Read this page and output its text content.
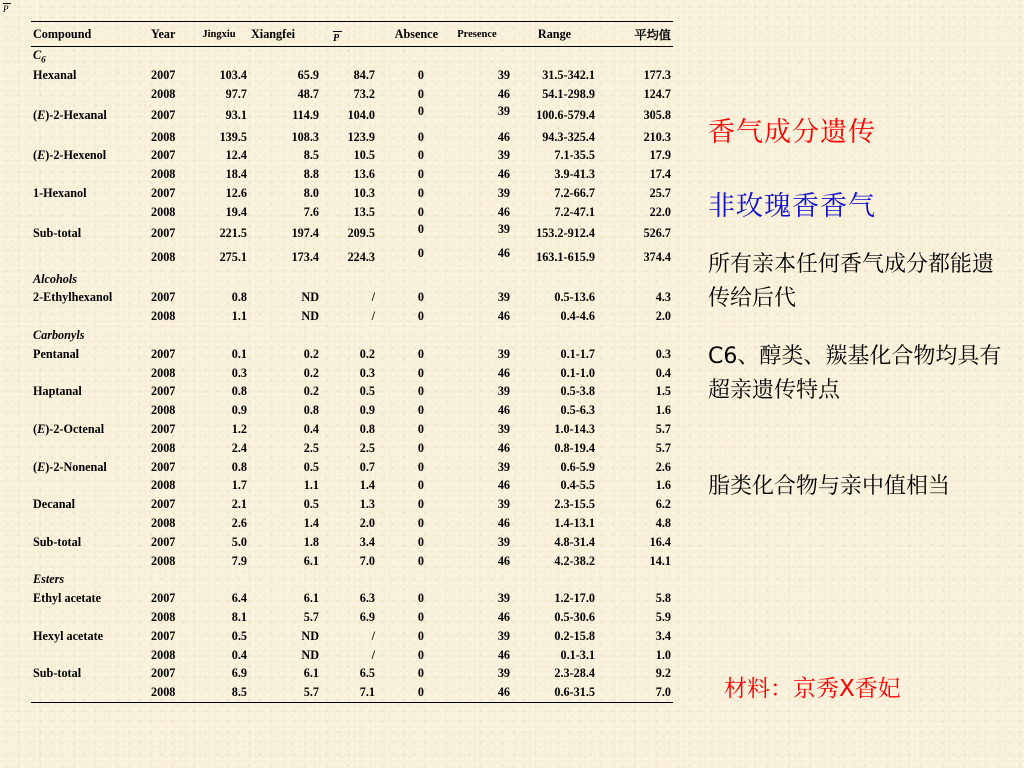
P
Compound	Year	Jingxiu	Xiangfei	P	Absence	Presence	Range	平均值
$C_6$
Hexanal	2007	103.4	65.9	84.7	0	39	31.5-342.1	177.3
	2008	97.7	48.7	73.2	0	46	54.1-298.9	124.7
(E)-2-Hexanal	2007	93.1	114.9	104.0	0	39	100.6-579.4	305.8
	2008	139.5	108.3	123.9	0	46	94.3-325.4	210.3
(E)-2-Hexenol	2007	12.4	8.5	10.5	0	39	7.1-35.5	17.9
	2008	18.4	8.8	13.6	0	46	3.9-41.3	17.4
1-Hexanol	2007	12.6	8.0	10.3	0	39	7.2-66.7	25.7
	2008	19.4	7.6	13.5	0	46	7.2-47.1	22.0
Sub-total	2007	221.5	197.4	209.5	0	39	153.2-912.4	526.7
	2008	275.1	173.4	224.3	0	46	163.1-615.9	374.4
Alcohols								
2-Ethylhexanol	2007	0.8	ND	/	0	39	0.5-13.6	4.3
	2008	1.1	ND	/	0	46	0.4-4.6	2.0
Carbonyls								
Pentanal	2007	0.1	0.2	0.2	0	39	0.1-1.7	0.3
	2008	0.3	0.2	0.3	0	46	0.1-1.0	0.4
Haptanal	2007	0.8	0.2	0.5	0	39	0.5-3.8	1.5
	2008	0.9	0.8	0.9	0	46	0.5-6.3	1.6
(E)-2-Octenal	2007	1.2	0.4	0.8	0	39	1.0-14.3	5.7
	2008	2.4	2.5	2.5	0	46	0.8-19.4	5.7
(E)-2-Nonenal	2007	0.8	0.5	0.7	0	39	0.6-5.9	2.6
	2008	1.7	1.1	1.4	0	46	0.4-5.5	1.6
Decanal	2007	2.1	0.5	1.3	0	39	2.3-15.5	6.2
	2008	2.6	1.4	2.0	0	46	1.4-13.1	4.8
Sub-total	2007	5.0	1.8	3.4	0	39	4.8-31.4	16.4
	2008	7.9	6.1	7.0	0	46	4.2-38.2	14.1
Esters								
Ethyl acetate	2007	6.4	6.1	6.3	0	39	1.2-17.0	5.8
	2008	8.1	5.7	6.9	0	46	0.5-30.6	5.9
Hexyl acetate	2007	0.5	ND	/	0	39	0.2-15.8	3.4
	2008	0.4	ND	/	0	46	0.1-3.1	1.0
Sub-total	2007	6.9	6.1	6.5	0	39	2.3-28.4	9.2
	2008	8.5	5.7	7.1	0	46	0.6-31.5	7.0
香气成分遗传
非玫瑰香香气
所有亲本任何香气成分都能遗传给后代
C6、醇类、羰基化合物均具有超亲遗传特点
脂类化合物与亲中值相当
材料：京秀X香妃
